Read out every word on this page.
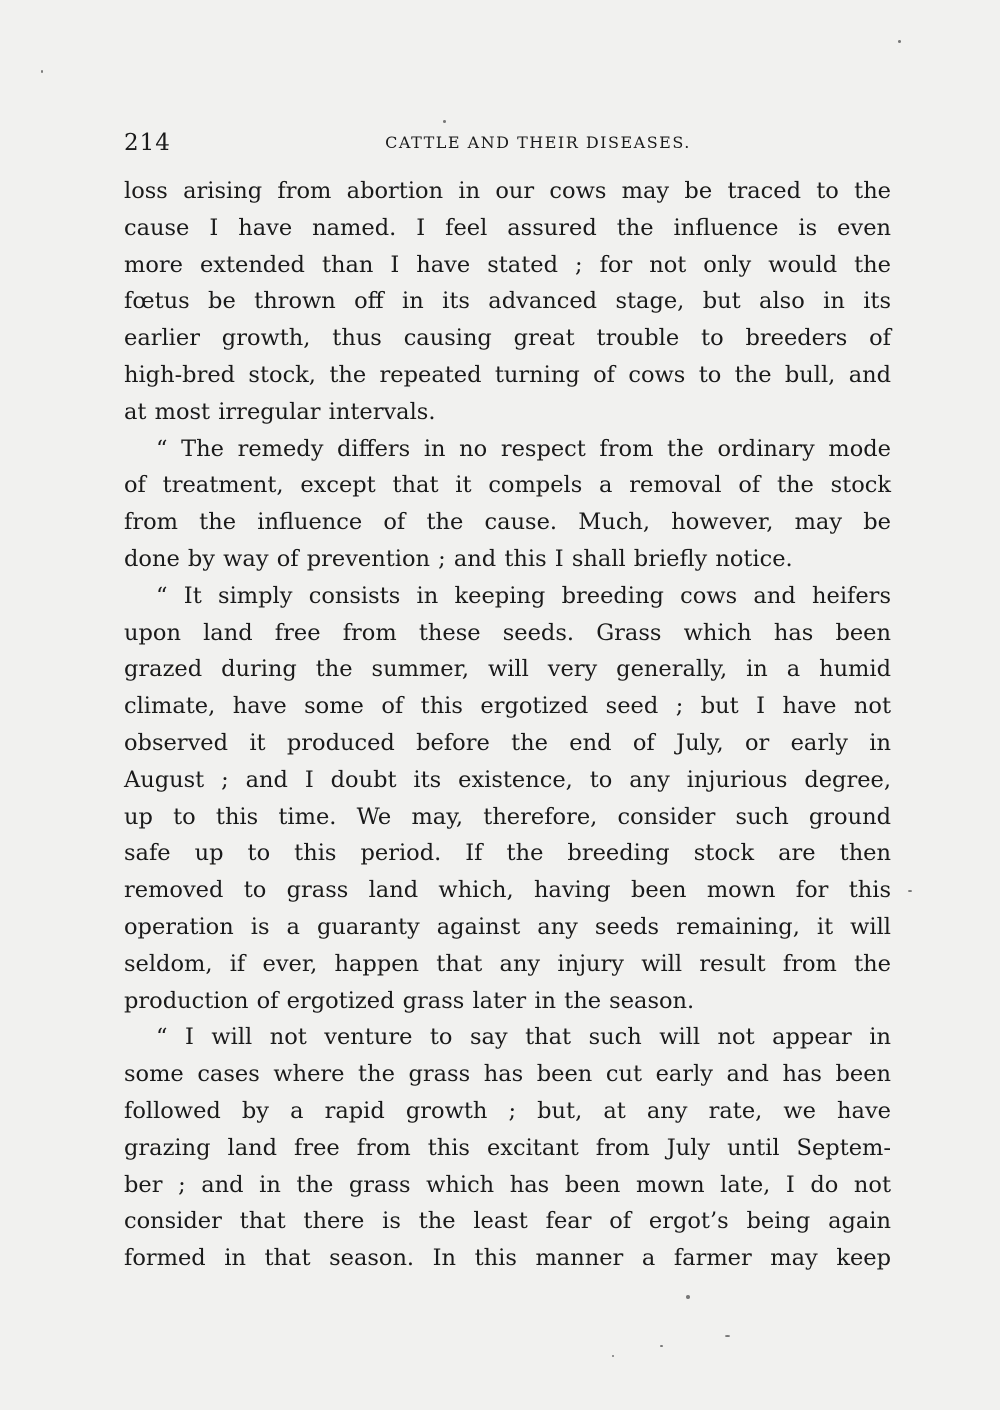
214	CATTLE AND THEIR DISEASES.
loss arising from abortion in our cows may be traced to the
cause I have named. I feel assured the influence is even
more extended than I have stated ; for not only would the
fœtus be thrown off in its advanced stage, but also in its
earlier growth, thus causing great trouble to breeders of
high-bred stock, the repeated turning of cows to the bull, and
at most irregular intervals.
“ The remedy differs in no respect from the ordinary mode
of treatment, except that it compels a removal of the stock
from the influence of the cause. Much, however, may be
done by way of prevention ; and this I shall briefly notice.
“ It simply consists in keeping breeding cows and heifers
upon land free from these seeds. Grass which has been
grazed during the summer, will very generally, in a humid
climate, have some of this ergotized seed ; but I have not
observed it produced before the end of July, or early in
August ; and I doubt its existence, to any injurious degree,
up to this time. We may, therefore, consider such ground
safe up to this period. If the breeding stock are then
removed to grass land which, having been mown for this
operation is a guaranty against any seeds remaining, it will
seldom, if ever, happen that any injury will result from the
production of ergotized grass later in the season.
“ I will not venture to say that such will not appear in
some cases where the grass has been cut early and has been
followed by a rapid growth ; but, at any rate, we have
grazing land free from this excitant from July until Septem-
ber ; and in the grass which has been mown late, I do not
consider that there is the least fear of ergot’s being again
formed in that season. In this manner a farmer may keep
